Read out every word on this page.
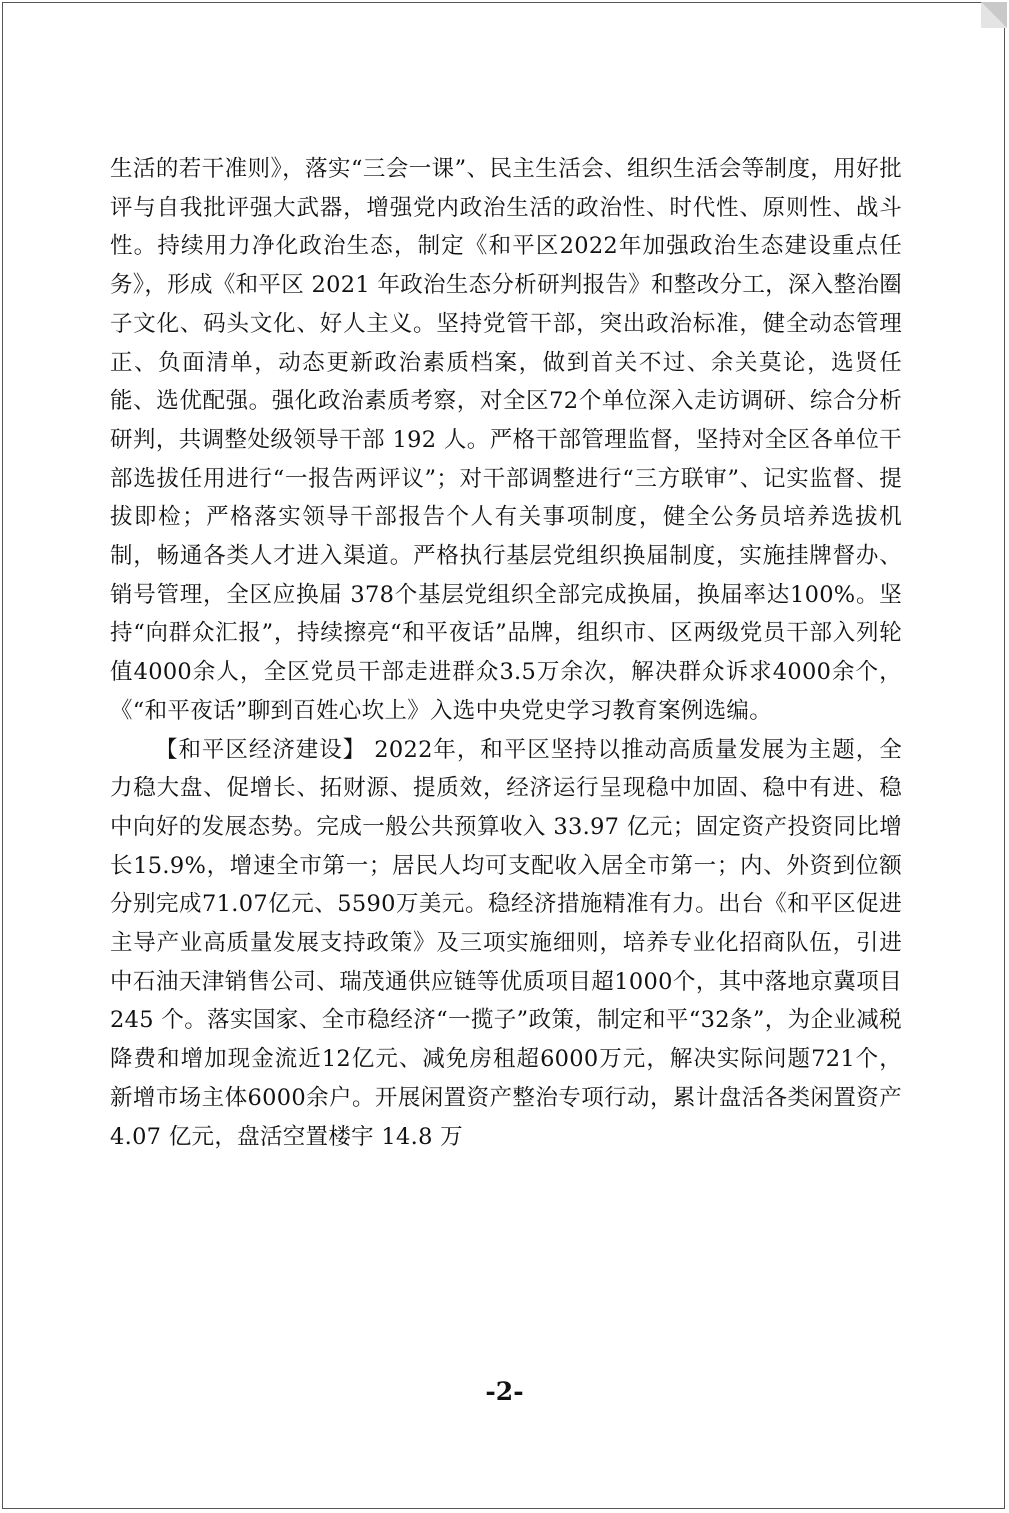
生活的若干准则》，落实“三会一课”、民主生活会、组织生活会等制度，用好批评与自我批评强大武器，增强党内政治生活的政治性、时代性、原则性、战斗性。持续用力净化政治生态，制定《和平区2022年加强政治生态建设重点任务》，形成《和平区 2021 年政治生态分析研判报告》和整改分工，深入整治圈子文化、码头文化、好人主义。坚持党管干部，突出政治标准，健全动态管理正、负面清单，动态更新政治素质档案，做到首关不过、余关莫论，选贤任能、选优配强。强化政治素质考察，对全区72个单位深入走访调研、综合分析研判，共调整处级领导干部 192 人。严格干部管理监督，坚持对全区各单位干部选拔任用进行“一报告两评议”；对干部调整进行“三方联审”、记实监督、提拔即检；严格落实领导干部报告个人有关事项制度，健全公务员培养选拔机制，畅通各类人才进入渠道。严格执行基层党组织换届制度，实施挂牌督办、销号管理，全区应换届 378个基层党组织全部完成换届，换届率达100%。坚持“向群众汇报”，持续擦亮“和平夜话”品牌，组织市、区两级党员干部入列轮值4000余人，全区党员干部走进群众3.5万余次，解决群众诉求4000余个，《“和平夜话”聊到百姓心坎上》入选中央党史学习教育案例选编。

【和平区经济建设】 2022年，和平区坚持以推动高质量发展为主题，全力稳大盘、促增长、拓财源、提质效，经济运行呈现稳中加固、稳中有进、稳中向好的发展态势。完成一般公共预算收入 33.97 亿元；固定资产投资同比增长15.9%，增速全市第一；居民人均可支配收入居全市第一；内、外资到位额分别完成71.07亿元、5590万美元。稳经济措施精准有力。出台《和平区促进主导产业高质量发展支持政策》及三项实施细则，培养专业化招商队伍，引进中石油天津销售公司、瑞茂通供应链等优质项目超1000个，其中落地京冀项目 245 个。落实国家、全市稳经济“一揽子”政策，制定和平“32条”，为企业减税降费和增加现金流近12亿元、减免房租超6000万元，解决实际问题721个，新增市场主体6000余户。开展闲置资产整治专项行动，累计盘活各类闲置资产 4.07 亿元，盘活空置楼宇 14.8 万

-2-
